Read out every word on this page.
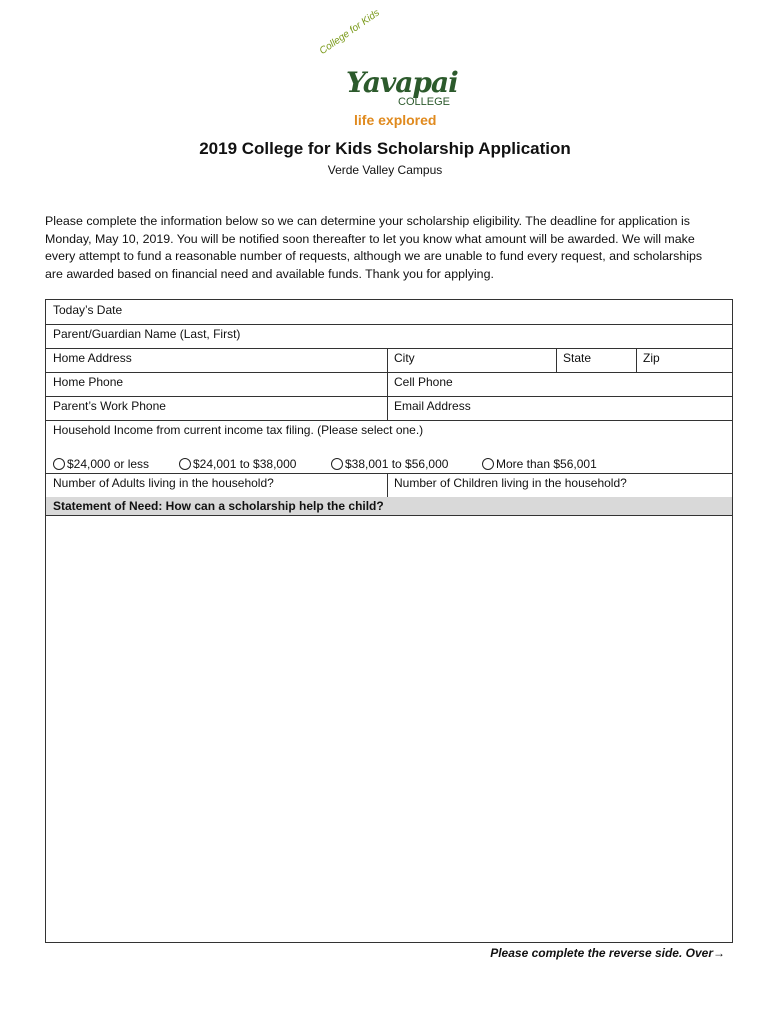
College for Kids
Yavapai
COLLEGE
life explored
2019 College for Kids Scholarship Application
Verde Valley Campus
Please complete the information below so we can determine your scholarship eligibility. The deadline for application is Monday, May 10, 2019. You will be notified soon thereafter to let you know what amount will be awarded. We will make every attempt to fund a reasonable number of requests, although we are unable to fund every request, and scholarships are awarded based on financial need and available funds. Thank you for applying.
Today’s Date
Parent/Guardian Name (Last, First)
Home Address	City	State	Zip
Home Phone	Cell Phone
Parent’s Work Phone	Email Address
Household Income from current income tax filing. (Please select one.)
$24,000 or less	$24,001 to $38,000	$38,001 to $56,000	More than $56,001
Number of Adults living in the household?	Number of Children living in the household?
Statement of Need: How can a scholarship help the child?
Please complete the reverse side. Over→
